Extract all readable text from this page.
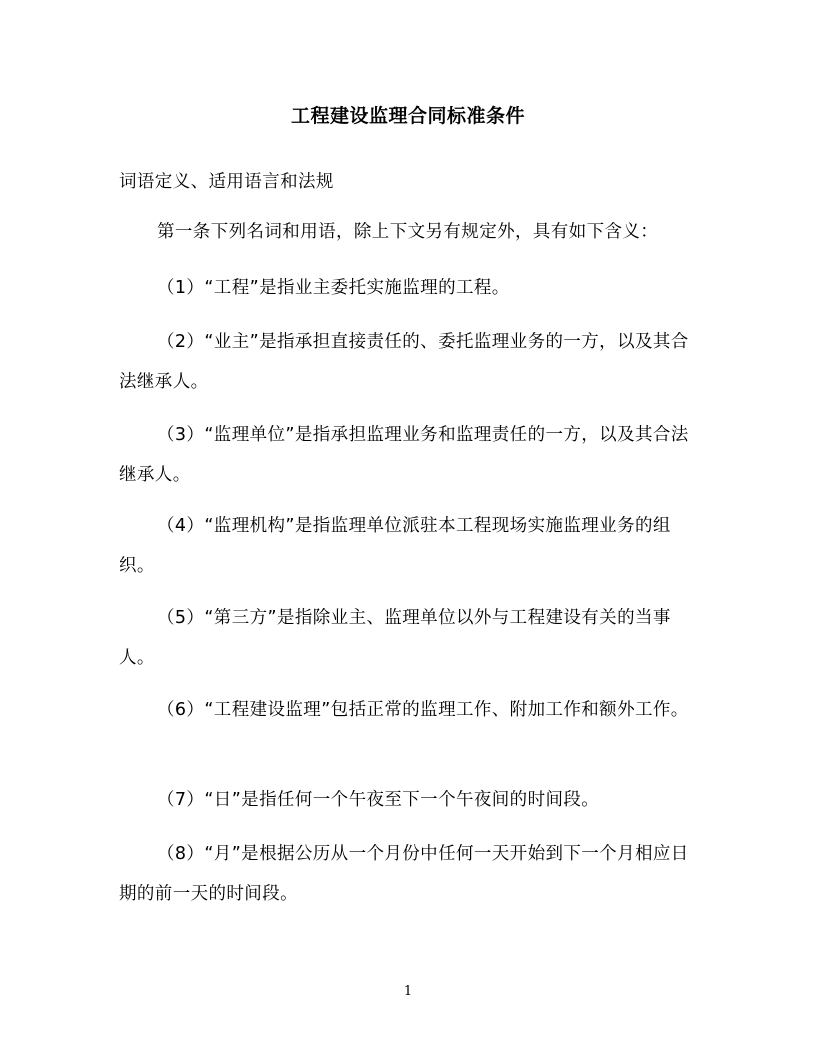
工程建设监理合同标准条件

词语定义、适用语言和法规

第一条下列名词和用语，除上下文另有规定外，具有如下含义：

（1）“工程”是指业主委托实施监理的工程。

（2）“业主”是指承担直接责任的、委托监理业务的一方，以及其合法继承人。

（3）“监理单位”是指承担监理业务和监理责任的一方，以及其合法继承人。

（4）“监理机构”是指监理单位派驻本工程现场实施监理业务的组织。

（5）“第三方”是指除业主、监理单位以外与工程建设有关的当事人。

（6）“工程建设监理”包括正常的监理工作、附加工作和额外工作。

（7）“日”是指任何一个午夜至下一个午夜间的时间段。

（8）“月”是根据公历从一个月份中任何一天开始到下一个月相应日期的前一天的时间段。

1
